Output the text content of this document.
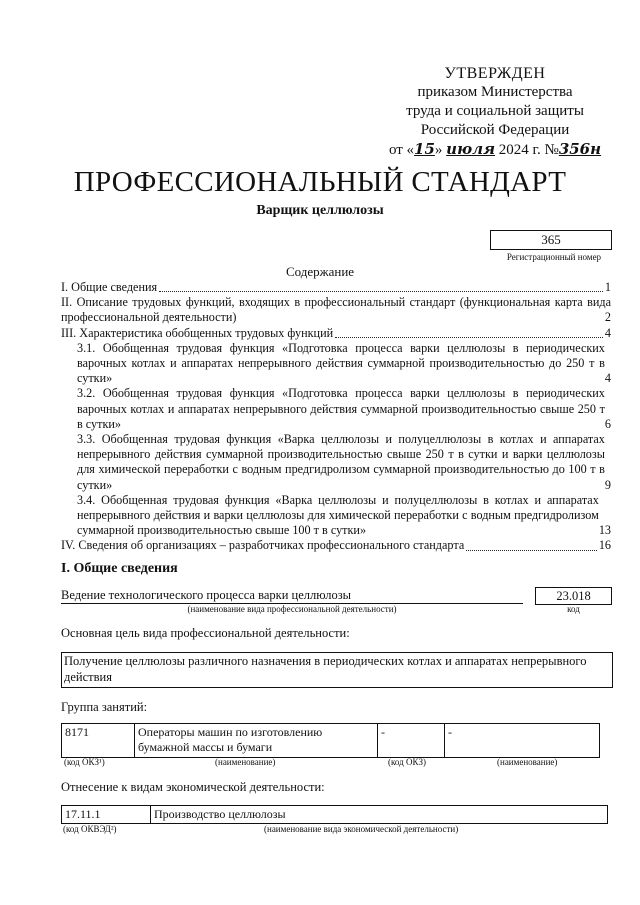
УТВЕРЖДЕН
приказом Министерства
труда и социальной защиты
Российской Федерации
от «15» июля 2024 г. №356н
ПРОФЕССИОНАЛЬНЫЙ СТАНДАРТ
Варщик целлюлозы
365
Регистрационный номер
Содержание
I. Общие сведения	1
II. Описание трудовых функций, входящих в профессиональный стандарт (функциональная карта вида профессиональной деятельности)	2
III. Характеристика обобщенных трудовых функций	4
3.1. Обобщенная трудовая функция «Подготовка процесса варки целлюлозы в периодических варочных котлах и аппаратах непрерывного действия суммарной производительностью до 250 т в сутки»	4
3.2. Обобщенная трудовая функция «Подготовка процесса варки целлюлозы в периодических варочных котлах и аппаратах непрерывного действия суммарной производительностью свыше 250 т в сутки»	6
3.3. Обобщенная трудовая функция «Варка целлюлозы и полуцеллюлозы в котлах и аппаратах непрерывного действия суммарной производительностью свыше 250 т в сутки и варки целлюлозы для химической переработки с водным предгидролизом суммарной производительностью до 100 т в сутки»	9
3.4. Обобщенная трудовая функция «Варка целлюлозы и полуцеллюлозы в котлах и аппаратах непрерывного действия и варки целлюлозы для химической переработки с водным предгидролизом суммарной производительностью свыше 100 т в сутки»	13
IV. Сведения об организациях – разработчиках профессионального стандарта	16
I. Общие сведения
Ведение технологического процесса варки целлюлозы
(наименование вида профессиональной деятельности)
23.018
код
Основная цель вида профессиональной деятельности:
Получение целлюлозы различного назначения в периодических котлах и аппаратах непрерывного действия
Группа занятий:
8171	Операторы машин по изготовлению бумажной массы и бумаги	-	-
(код ОКЗ¹)	(наименование)	(код ОКЗ)	(наименование)
Отнесение к видам экономической деятельности:
17.11.1	Производство целлюлозы
(код ОКВЭД²)	(наименование вида экономической деятельности)
